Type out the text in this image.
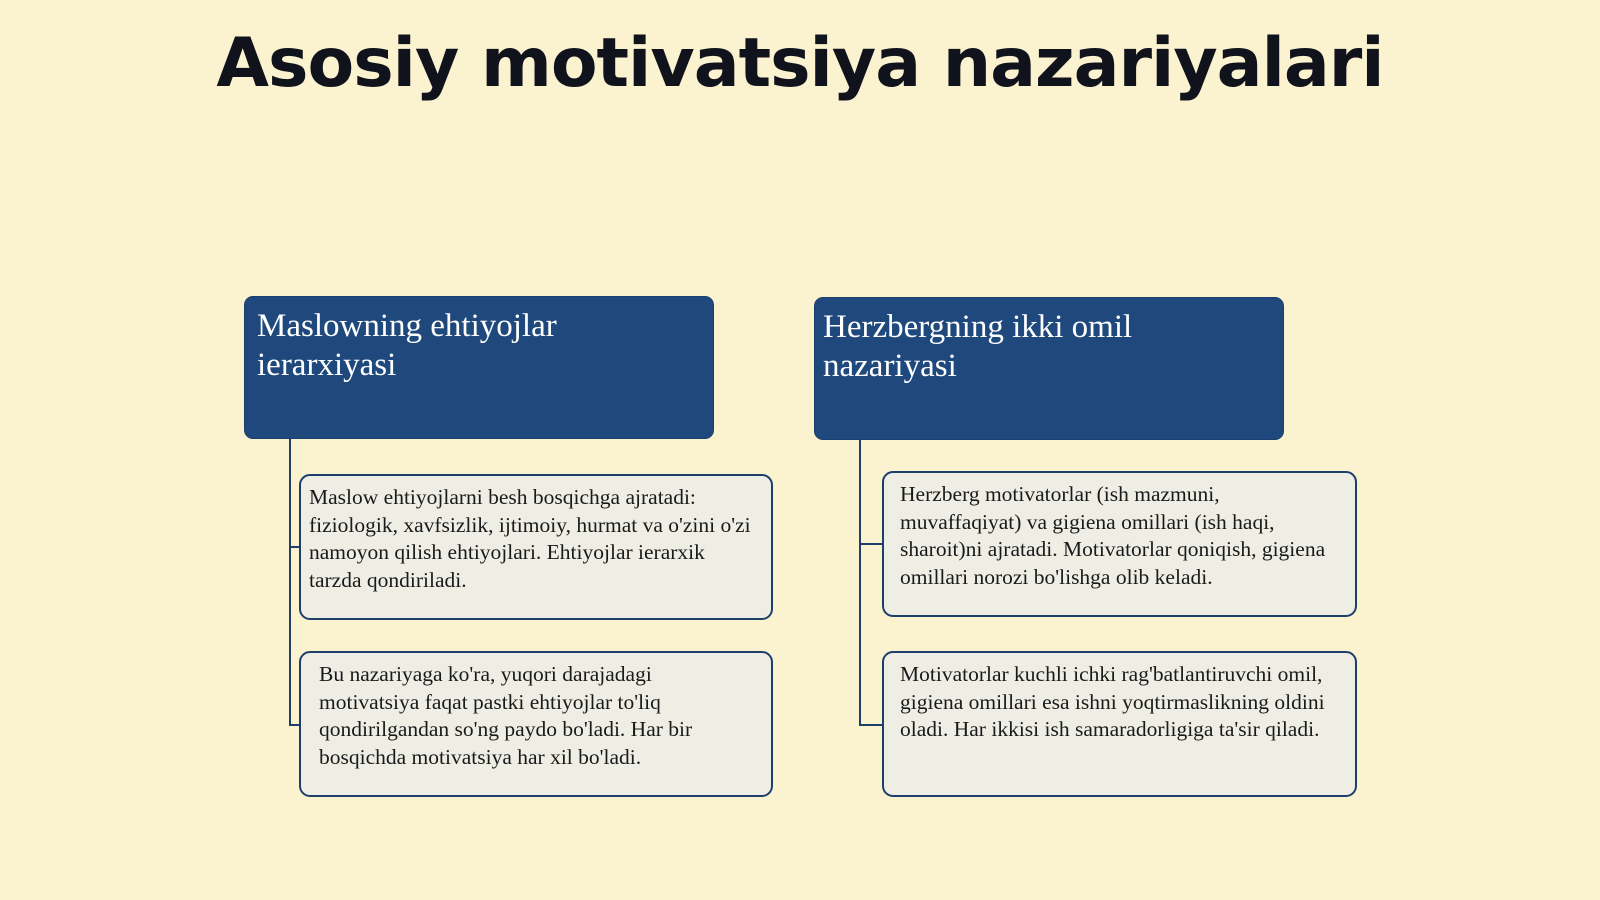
Asosiy motivatsiya nazariyalari
Maslowning ehtiyojlar ierarxiyasi
Maslow ehtiyojlarni besh bosqichga ajratadi: fiziologik, xavfsizlik, ijtimoiy, hurmat va o'zini o'zi namoyon qilish ehtiyojlari. Ehtiyojlar ierarxik tarzda qondiriladi.
Bu nazariyaga ko'ra, yuqori darajadagi motivatsiya faqat pastki ehtiyojlar to'liq qondirilgandan so'ng paydo bo'ladi. Har bir bosqichda motivatsiya har xil bo'ladi.
Herzbergning ikki omil nazariyasi
Herzberg motivatorlar (ish mazmuni, muvaffaqiyat) va gigiena omillari (ish haqi, sharoit)ni ajratadi. Motivatorlar qoniqish, gigiena omillari norozi bo'lishga olib keladi.
Motivatorlar kuchli ichki rag'batlantiruvchi omil, gigiena omillari esa ishni yoqtirmaslikning oldini oladi. Har ikkisi ish samaradorligiga ta'sir qiladi.
